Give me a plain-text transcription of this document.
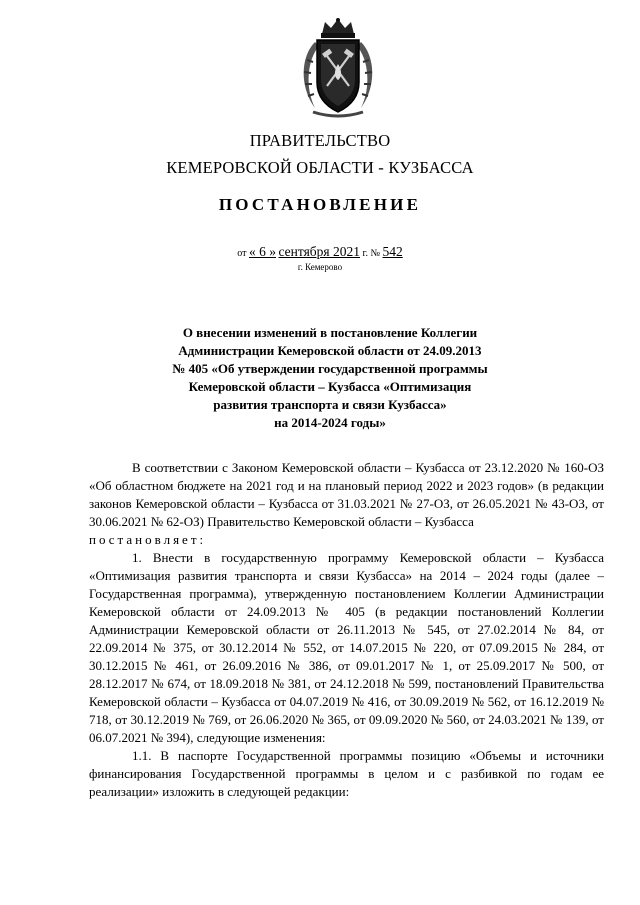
ПРАВИТЕЛЬСТВО
КЕМЕРОВСКОЙ ОБЛАСТИ - КУЗБАССА
ПОСТАНОВЛЕНИЕ
от « 6 » сентября 2021 г. № 542
г. Кемерово
О внесении изменений в постановление Коллегии
Администрации Кемеровской области от 24.09.2013
№ 405 «Об утверждении государственной программы
Кемеровской области – Кузбасса «Оптимизация
развития транспорта и связи Кузбасса»
на 2014-2024 годы»

В соответствии с Законом Кемеровской области – Кузбасса от 23.12.2020 № 160-ОЗ «Об областном бюджете на 2021 год и на плановый период 2022 и 2023 годов» (в редакции законов Кемеровской области – Кузбасса от 31.03.2021 № 27-ОЗ, от 26.05.2021 № 43-ОЗ, от 30.06.2021 № 62-ОЗ) Правительство Кемеровской области – Кузбасса

постановляет:

1. Внести в государственную программу Кемеровской области – Кузбасса «Оптимизация развития транспорта и связи Кузбасса» на 2014 – 2024 годы (далее – Государственная программа), утвержденную постановлением Коллегии Администрации Кемеровской области от 24.09.2013 № 405 (в редакции постановлений Коллегии Администрации Кемеровской области от 26.11.2013 № 545, от 27.02.2014 № 84, от 22.09.2014 № 375, от 30.12.2014 № 552, от 14.07.2015 № 220, от 07.09.2015 № 284, от 30.12.2015 № 461, от 26.09.2016 № 386, от 09.01.2017 № 1, от 25.09.2017 № 500, от 28.12.2017 № 674, от 18.09.2018 № 381, от 24.12.2018 № 599, постановлений Правительства Кемеровской области – Кузбасса от 04.07.2019 № 416, от 30.09.2019 № 562, от 16.12.2019 № 718, от 30.12.2019 № 769, от 26.06.2020 № 365, от 09.09.2020 № 560, от 24.03.2021 № 139, от 06.07.2021 № 394), следующие изменения:

1.1. В паспорте Государственной программы позицию «Объемы и источники финансирования Государственной программы в целом и с разбивкой по годам ее реализации» изложить в следующей редакции:
